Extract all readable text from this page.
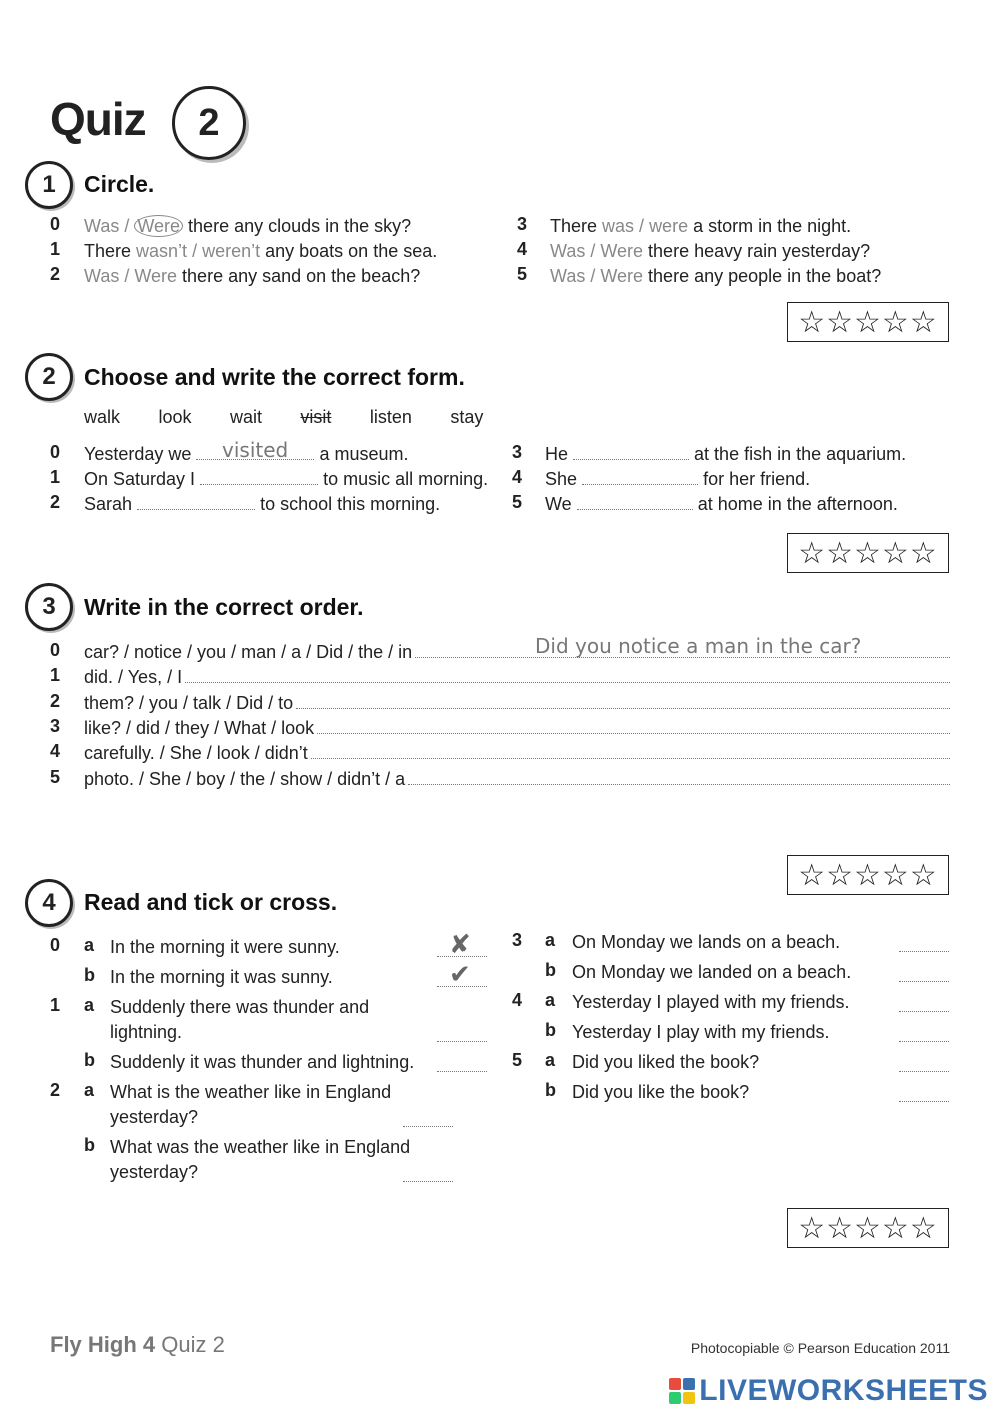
Quiz	2
1	Circle.
0 Was / Were there any clouds in the sky?
1 There wasn’t / weren’t any boats on the sea.
2 Was / Were there any sand on the beach?
3 There was / were a storm in the night.
4 Was / Were there heavy rain yesterday?
5 Was / Were there any people in the boat?
☆☆☆☆☆
2	Choose and write the correct form.
walk look wait visit listen stay
0 Yesterday we	a museum.
1 On Saturday I	to music all morning.
2 Sarah	to school this morning.
3 He	at the fish in the aquarium.
4 She	for her friend.
5 We	at home in the afternoon.
visited
☆☆☆☆☆
3	Write in the correct order.
0 car? / notice / you / man / a / Did / the / in
1 did. / Yes, / I
2 them? / you / talk / Did / to
3 like? / did / they / What / look
4 carefully. / She / look / didn’t
5 photo. / She / boy / the / show / didn’t / a
Did you notice a man in the car?
☆☆☆☆☆
4	Read and tick or cross.
0 a In the morning it were sunny.	✘
b In the morning it was sunny.	✔
1 a Suddenly there was thunder and
lightning.
b Suddenly it was thunder and lightning.
2 a What is the weather like in England
yesterday?
b What was the weather like in England
yesterday?
3 a On Monday we lands on a beach.
b On Monday we landed on a beach.
4 a Yesterday I played with my friends.
b Yesterday I play with my friends.
5 a Did you liked the book?
b Did you like the book?
☆☆☆☆☆
Fly High 4 Quiz 2	Photocopiable © Pearson Education 2011
LIVEWORKSHEETS
